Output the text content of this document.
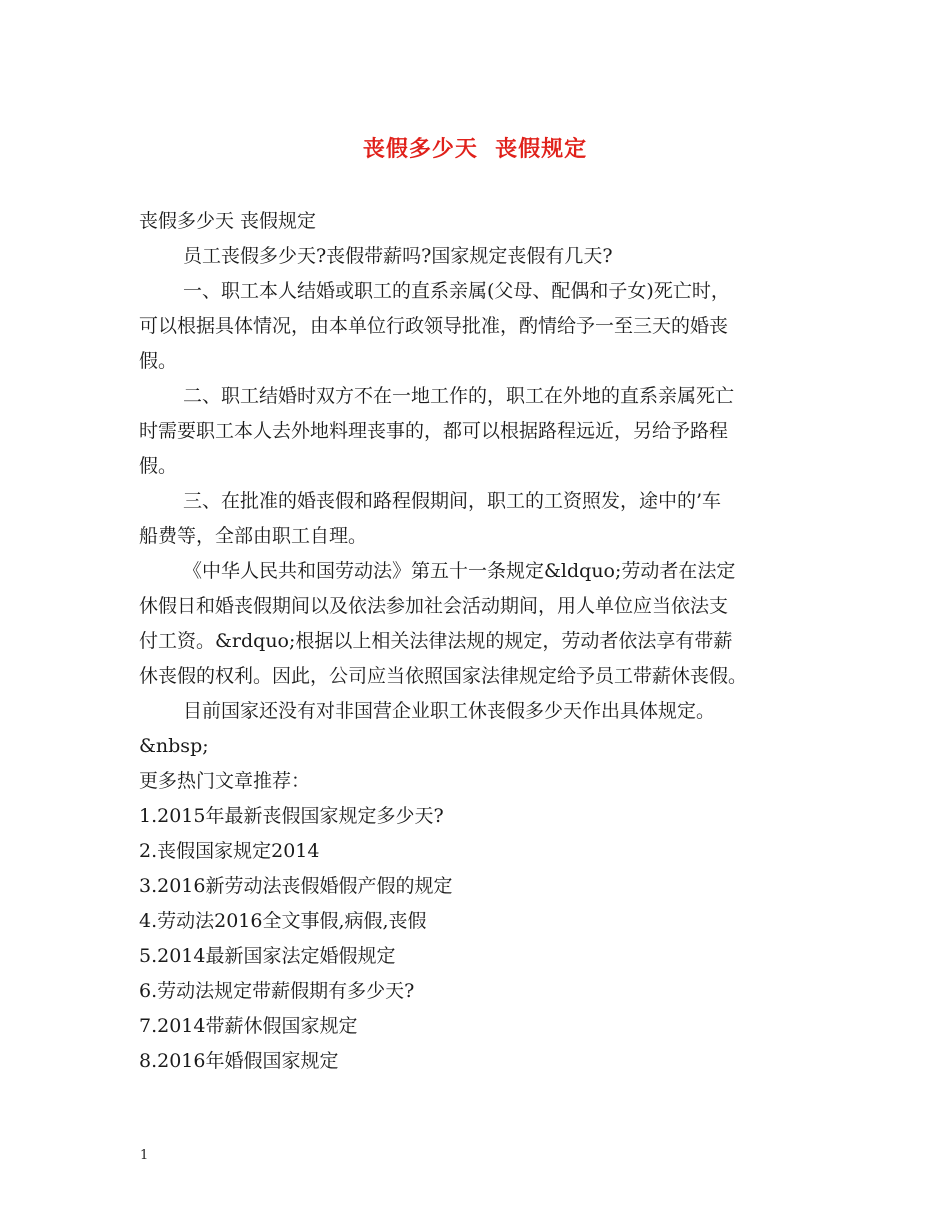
丧假多少天  丧假规定
丧假多少天 丧假规定
员工丧假多少天?丧假带薪吗?国家规定丧假有几天?
一、职工本人结婚或职工的直系亲属(父母、配偶和子女)死亡时，
可以根据具体情况，由本单位行政领导批准，酌情给予一至三天的婚丧
假。
二、职工结婚时双方不在一地工作的，职工在外地的直系亲属死亡
时需要职工本人去外地料理丧事的，都可以根据路程远近，另给予路程
假。
三、在批准的婚丧假和路程假期间，职工的工资照发，途中的’车
船费等，全部由职工自理。
《中华人民共和国劳动法》第五十一条规定&ldquo;劳动者在法定
休假日和婚丧假期间以及依法参加社会活动期间，用人单位应当依法支
付工资。&rdquo;根据以上相关法律法规的规定，劳动者依法享有带薪
休丧假的权利。因此，公司应当依照国家法律规定给予员工带薪休丧假。
目前国家还没有对非国营企业职工休丧假多少天作出具体规定。
&nbsp;
更多热门文章推荐：
1.2015年最新丧假国家规定多少天?
2.丧假国家规定2014
3.2016新劳动法丧假婚假产假的规定
4.劳动法2016全文事假,病假,丧假
5.2014最新国家法定婚假规定
6.劳动法规定带薪假期有多少天?
7.2014带薪休假国家规定
8.2016年婚假国家规定
1
